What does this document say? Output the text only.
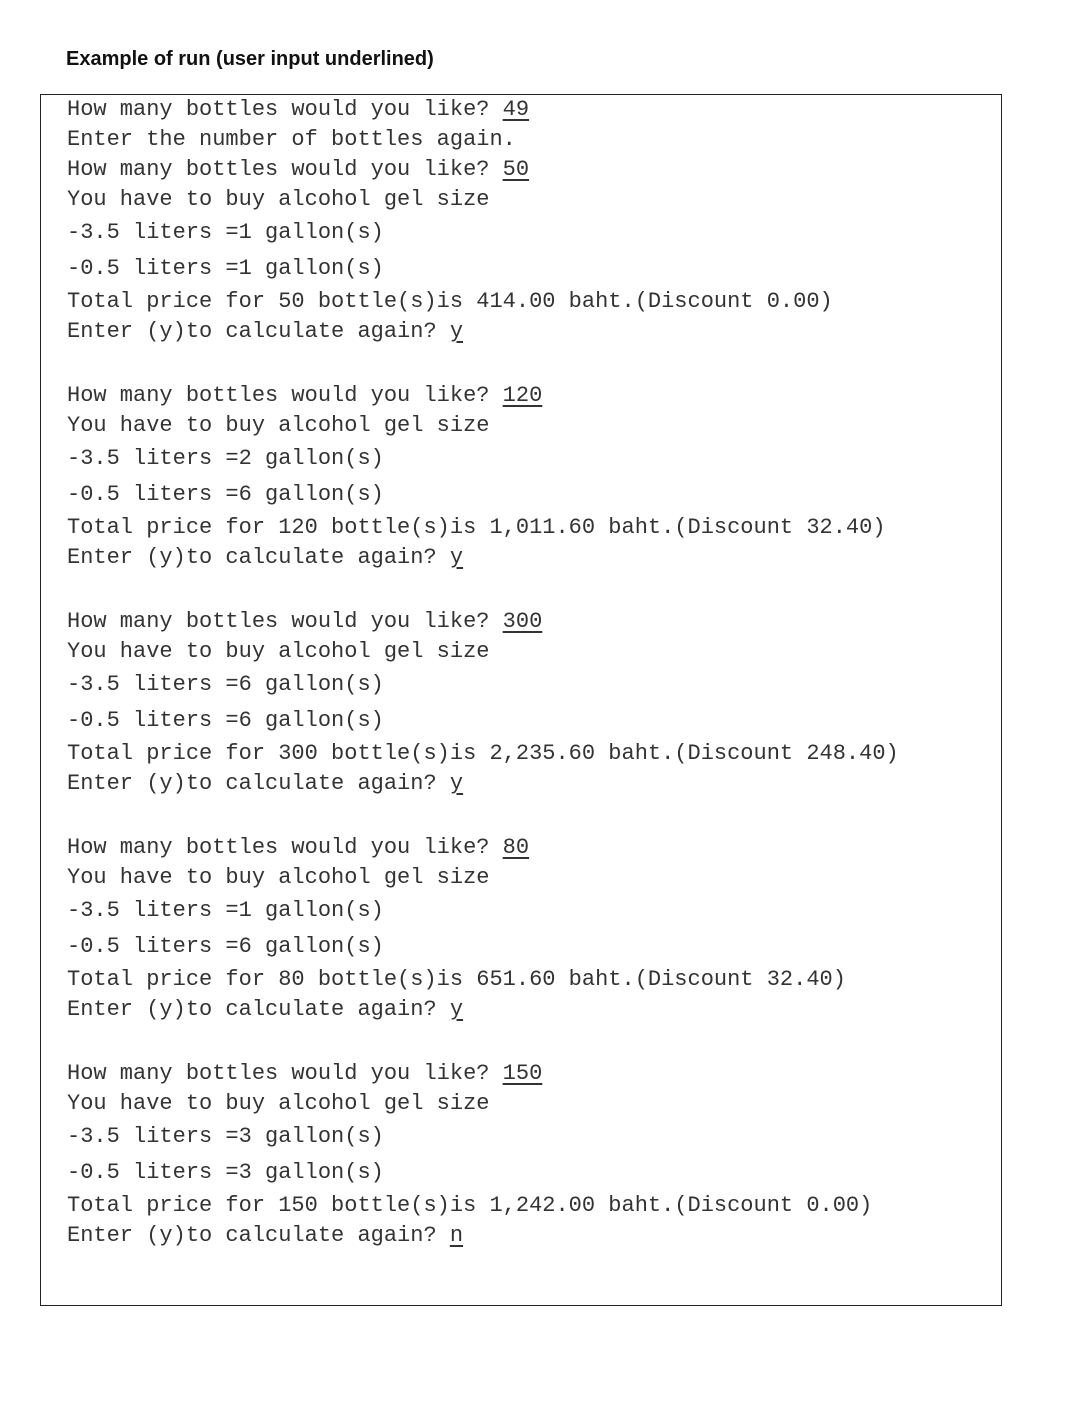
Example of run (user input underlined)
How many bottles would you like? 49
Enter the number of bottles again.
How many bottles would you like? 50
You have to buy alcohol gel size
-3.5 liters =1 gallon(s)
-0.5 liters =1 gallon(s)
Total price for 50 bottle(s)is 414.00 baht.(Discount 0.00)
Enter (y)to calculate again? y
How many bottles would you like? 120
You have to buy alcohol gel size
-3.5 liters =2 gallon(s)
-0.5 liters =6 gallon(s)
Total price for 120 bottle(s)is 1,011.60 baht.(Discount 32.40)
Enter (y)to calculate again? y
How many bottles would you like? 300
You have to buy alcohol gel size
-3.5 liters =6 gallon(s)
-0.5 liters =6 gallon(s)
Total price for 300 bottle(s)is 2,235.60 baht.(Discount 248.40)
Enter (y)to calculate again? y
How many bottles would you like? 80
You have to buy alcohol gel size
-3.5 liters =1 gallon(s)
-0.5 liters =6 gallon(s)
Total price for 80 bottle(s)is 651.60 baht.(Discount 32.40)
Enter (y)to calculate again? y
How many bottles would you like? 150
You have to buy alcohol gel size
-3.5 liters =3 gallon(s)
-0.5 liters =3 gallon(s)
Total price for 150 bottle(s)is 1,242.00 baht.(Discount 0.00)
Enter (y)to calculate again? n
